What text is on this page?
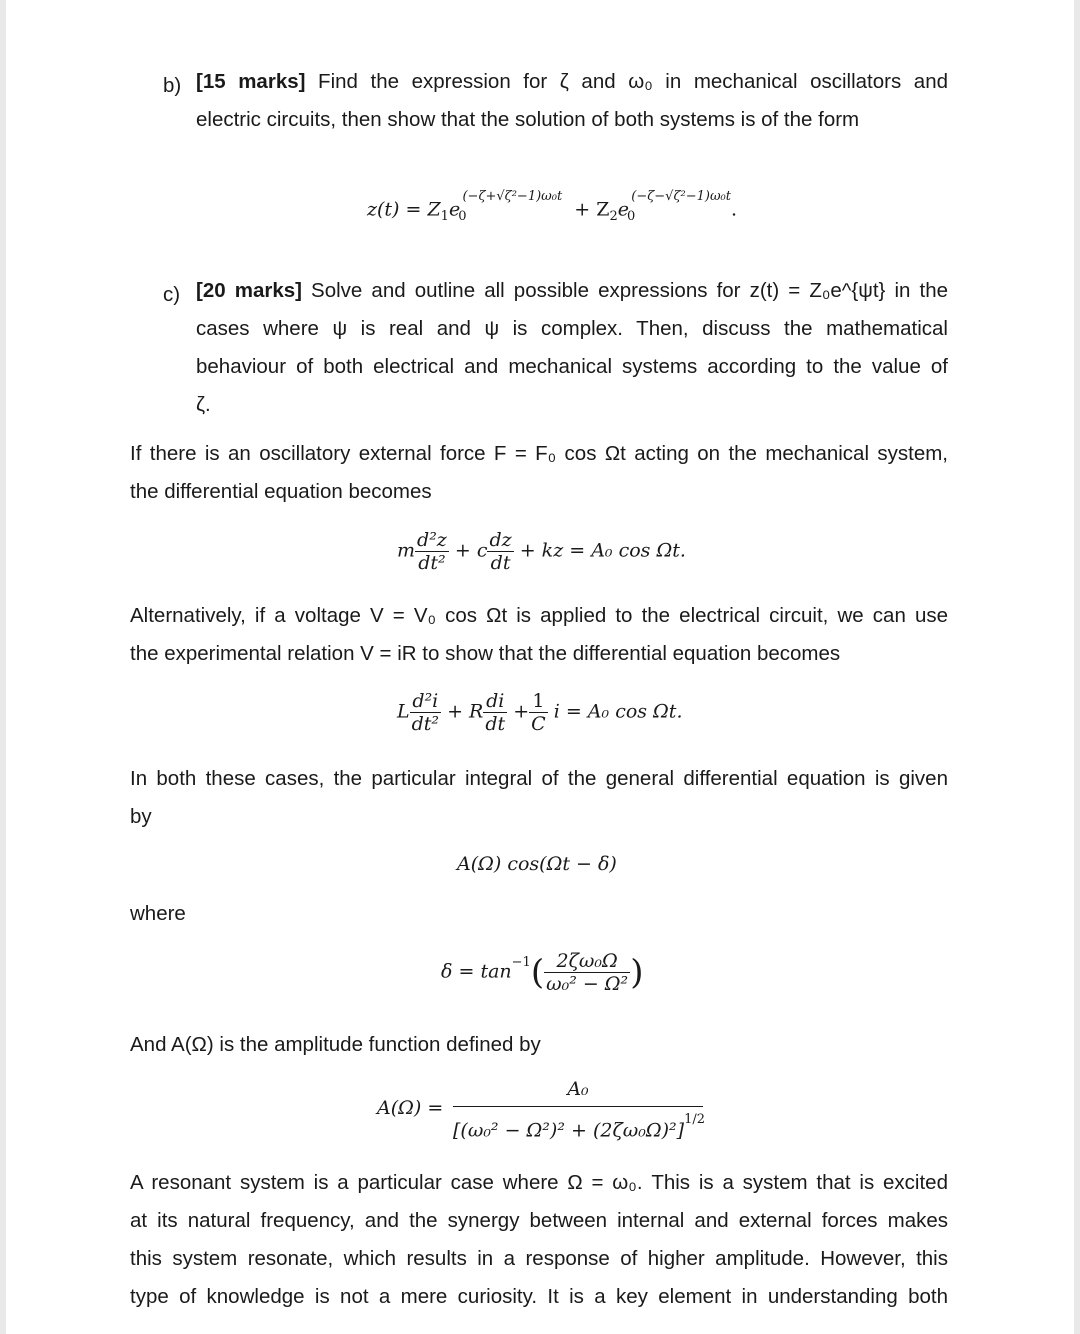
b) [15 marks] Find the expression for ζ and ω₀ in mechanical oscillators and
electric circuits, then show that the solution of both systems is of the form
$z(t) = Z_1e_0^{(-\zeta+√\zeta^2-1)\omega_0t} + Z_2e_0^{(-\zeta-√\zeta^2-1)\omega_0t}$.
c) [20 marks] Solve and outline all possible expressions for z(t) = Z₀e^{ψt} in the
cases where ψ is real and ψ is complex. Then, discuss the mathematical
behaviour of both electrical and mechanical systems according to the value of
ζ.
If there is an oscillatory external force F = F₀ cos Ωt acting on the mechanical system,
the differential equation becomes
m $\frac{\text{d²z}}{\text{dt²}} + c \frac{dz}{dt}$ + kz = A₀ cos Ωt.
Alternatively, if a voltage V = V₀ cos Ωt is applied to the electrical circuit, we can use
the experimental relation V = iR to show that the differential equation becomes
L $\frac{\text{d²i}}{\text{dt²}} + R \frac{di}{dt} + \frac{1}{C}$ i = A₀ cos Ωt.
In both these cases, the particular integral of the general differential equation is given
by
A(Ω) cos(Ωt − δ)
where
$\delta = \tan^{-1}( \frac{\text{2ζω₀Ω}}{\text{ω₀² − Ω²}}$ )
And A(Ω) is the amplitude function defined by
A(Ω) =
A₀
$[(\omega_0^2 - \Omega^2)^2 + (2\zeta\omega_0\Omega)^2]^{1/2}$
A resonant system is a particular case where Ω = ω₀. This is a system that is excited
at its natural frequency, and the synergy between internal and external forces makes
this system resonate, which results in a response of higher amplitude. However, this
type of knowledge is not a mere curiosity. It is a key element in understanding both
